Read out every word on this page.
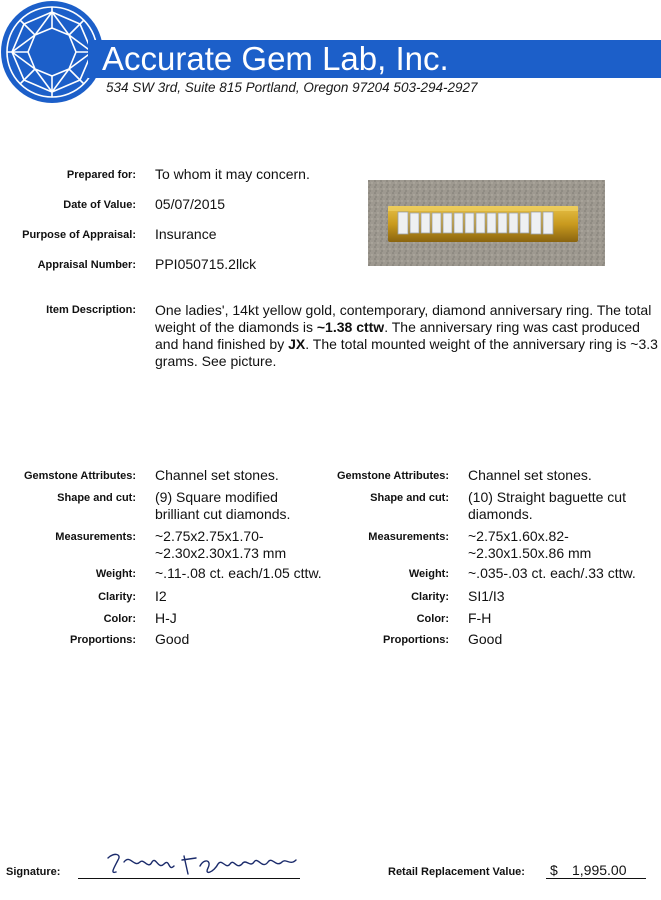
Accurate Gem Lab, Inc.
534 SW 3rd, Suite 815 Portland, Oregon 97204 503-294-2927
Prepared for: To whom it may concern.
Date of Value: 05/07/2015
Purpose of Appraisal: Insurance
Appraisal Number: PPI050715.2llck
Item Description: One ladies', 14kt yellow gold, contemporary, diamond anniversary ring. The total weight of the diamonds is ~1.38 cttw. The anniversary ring was cast produced and hand finished by JX. The total mounted weight of the anniversary ring is ~3.3 grams. See picture.
Gemstone Attributes: Channel set stones.
Shape and cut: (9) Square modified
brilliant cut diamonds.
Measurements: ~2.75x2.75x1.70-
~2.30x2.30x1.73 mm
Weight: ~.11-.08 ct. each/1.05 cttw.
Clarity: I2
Color: H-J
Proportions: Good
Gemstone Attributes: Channel set stones.
Shape and cut: (10) Straight baguette cut
diamonds.
Measurements: ~2.75x1.60x.82-
~2.30x1.50x.86 mm
Weight: ~.035-.03 ct. each/.33 cttw.
Clarity: SI1/I3
Color: F-H
Proportions: Good
Signature:	Retail Replacement Value: $ 1,995.00
